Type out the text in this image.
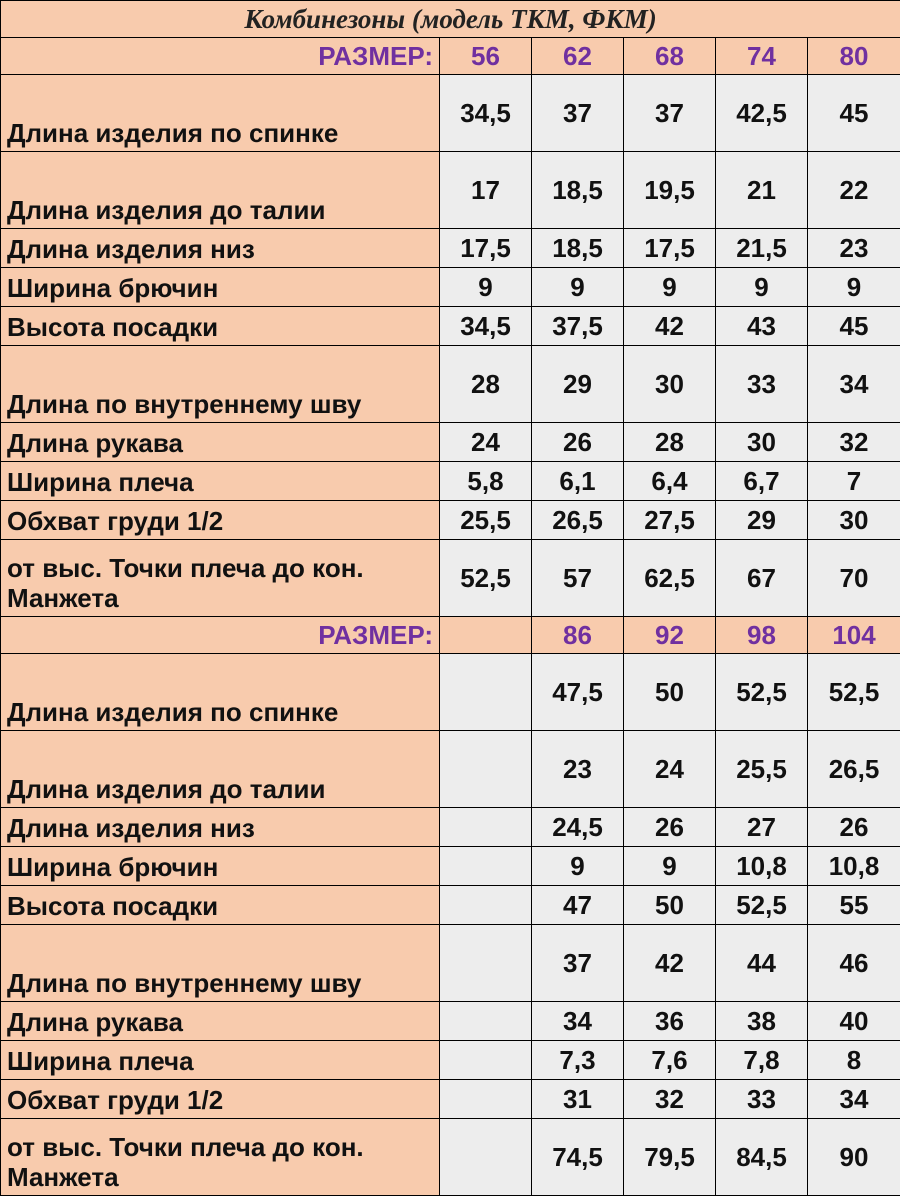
Комбинезоны (модель ТКМ, ФКМ)					
РАЗМЕР:	56	62	68	74	80
Длина изделия по спинке	34,5	37	37	42,5	45
Длина изделия до талии	17	18,5	19,5	21	22
Длина изделия низ	17,5	18,5	17,5	21,5	23
Ширина брючин	9	9	9	9	9
Высота посадки	34,5	37,5	42	43	45
Длина по внутреннему шву	28	29	30	33	34
Длина рукава	24	26	28	30	32
Ширина плеча	5,8	6,1	6,4	6,7	7
Обхват груди 1/2	25,5	26,5	27,5	29	30
от выс. Точки плеча до кон. Манжета	52,5	57	62,5	67	70
РАЗМЕР:		86	92	98	104
Длина изделия по спинке		47,5	50	52,5	52,5
Длина изделия до талии		23	24	25,5	26,5
Длина изделия низ		24,5	26	27	26
Ширина брючин		9	9	10,8	10,8
Высота посадки		47	50	52,5	55
Длина по внутреннему шву		37	42	44	46
Длина рукава		34	36	38	40
Ширина плеча		7,3	7,6	7,8	8
Обхват груди 1/2		31	32	33	34
от выс. Точки плеча до кон. Манжета		74,5	79,5	84,5	90
